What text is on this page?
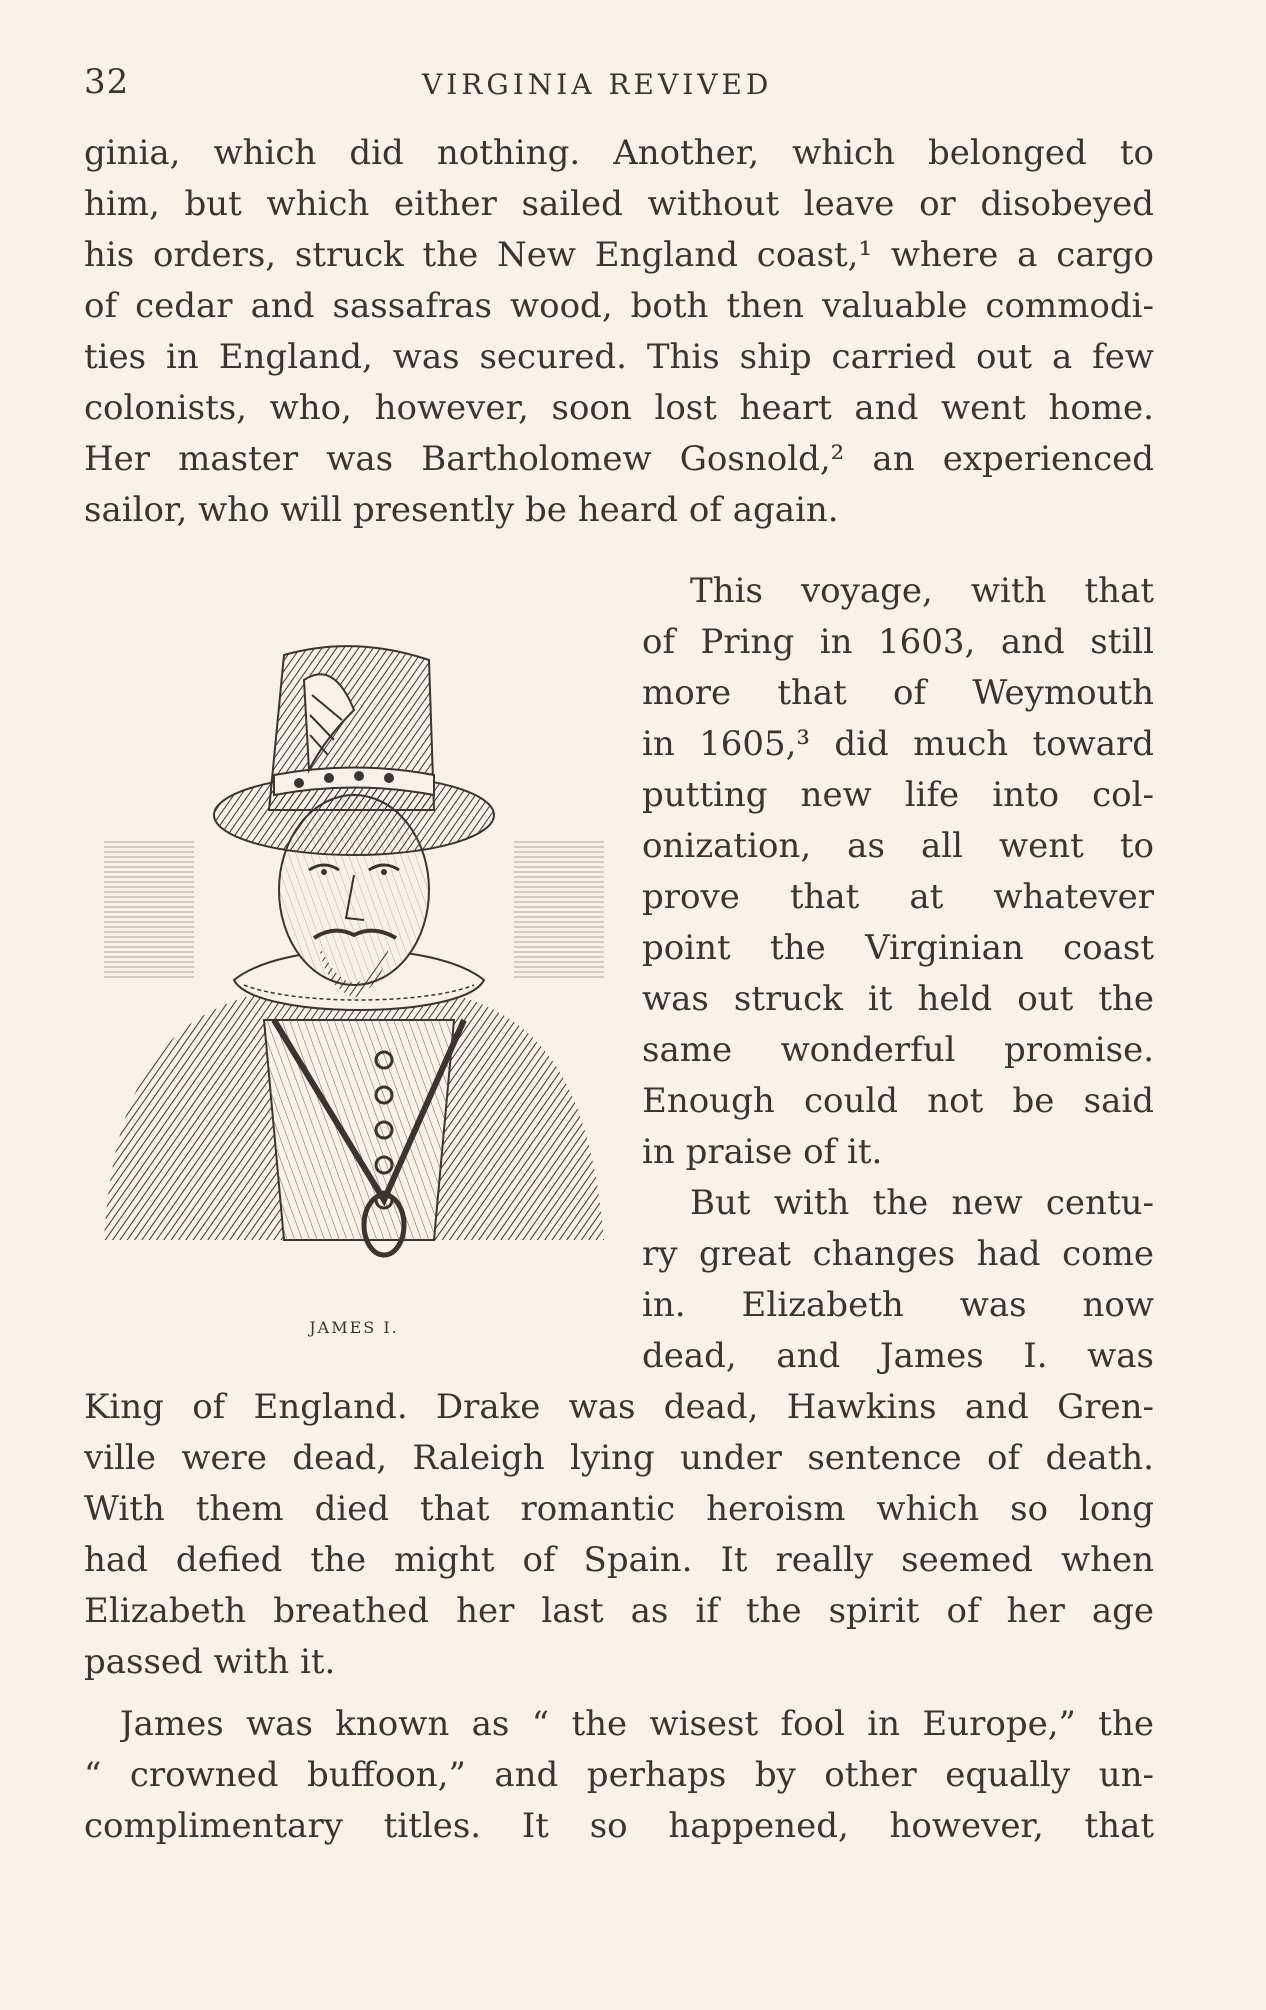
32	VIRGINIA REVIVED
ginia, which did nothing. Another, which belonged to
him, but which either sailed without leave or disobeyed
his orders, struck the New England coast,¹ where a cargo
of cedar and sassafras wood, both then valuable commodi-
ties in England, was secured. This ship carried out a few
colonists, who, however, soon lost heart and went home.
Her master was Bartholomew Gosnold,² an experienced
sailor, who will presently be heard of again.
This voyage, with that
of Pring in 1603, and still
more that of Weymouth
in 1605,³ did much toward
putting new life into col-
onization, as all went to
prove that at whatever
point the Virginian coast
was struck it held out the
same wonderful promise.
Enough could not be said
in praise of it.
But with the new centu-
ry great changes had come
in. Elizabeth was now
dead, and James I. was
King of England. Drake was dead, Hawkins and Gren-
ville were dead, Raleigh lying under sentence of death.
With them died that romantic heroism which so long
had defied the might of Spain. It really seemed when
Elizabeth breathed her last as if the spirit of her age
passed with it.
James was known as “ the wisest fool in Europe,” the
“ crowned buffoon,” and perhaps by other equally un-
complimentary titles. It so happened, however, that
JAMES I.
